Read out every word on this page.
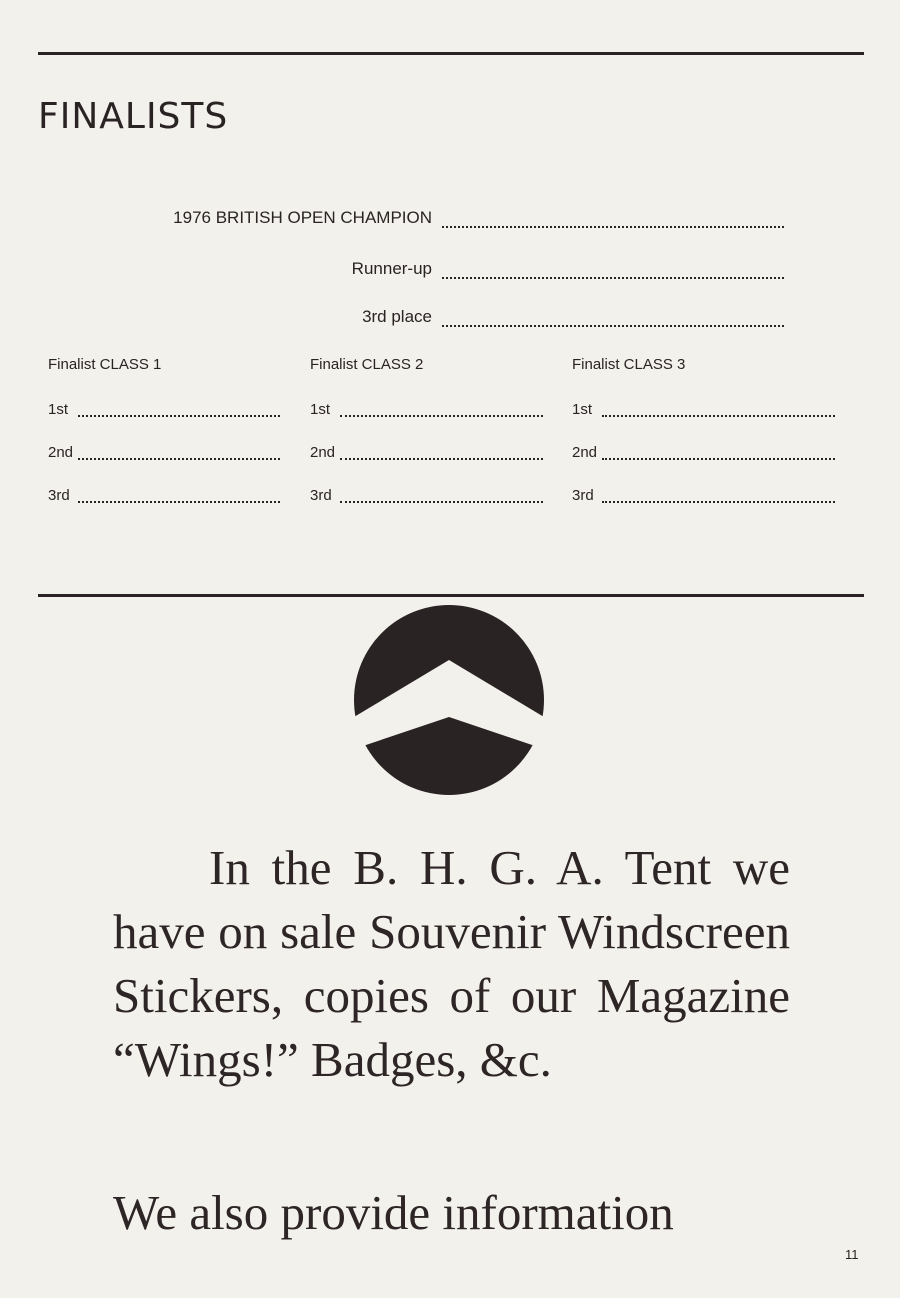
FINALISTS
1976 BRITISH OPEN CHAMPION
Runner-up
3rd place
Finalist CLASS 1
1st
2nd
3rd
Finalist CLASS 2
1st
2nd
3rd
Finalist CLASS 3
1st
2nd
3rd
In the B. H. G. A. Tent we have on sale Souvenir Windscreen Stickers, copies of our Magazine “Wings!” Badges, &c.
We also provide information
11
